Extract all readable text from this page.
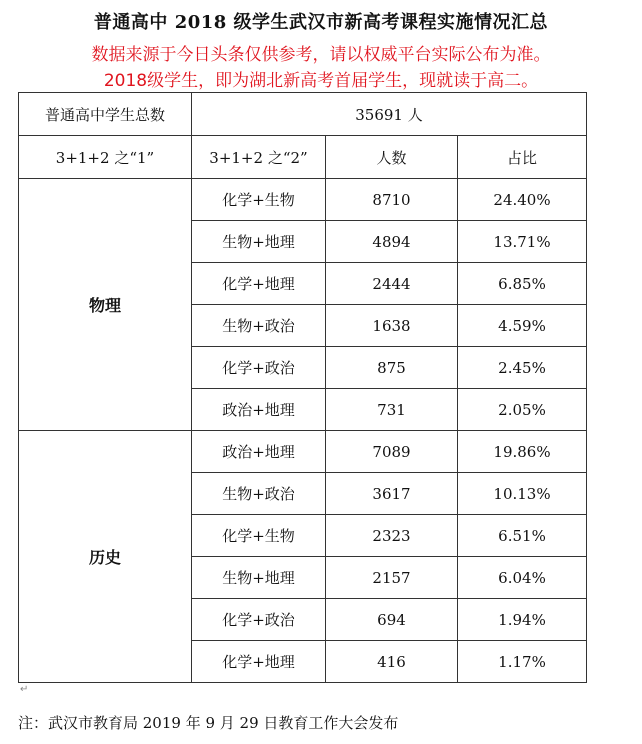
普通高中 2018 级学生武汉市新高考课程实施情况汇总
数据来源于今日头条仅供参考，请以权威平台实际公布为准。
2018级学生，即为湖北新高考首届学生，现就读于高二。
普通高中学生总数	35691 人		
3+1+2 之“1”	3+1+2 之“2”	人数	占比
物理	化学+生物	8710	24.40%
	生物+地理	4894	13.71%
	化学+地理	2444	6.85%
	生物+政治	1638	4.59%
	化学+政治	875	2.45%
	政治+地理	731	2.05%
历史	政治+地理	7089	19.86%
	生物+政治	3617	10.13%
	化学+生物	2323	6.51%
	生物+地理	2157	6.04%
	化学+政治	694	1.94%
	化学+地理	416	1.17%
↵
注：武汉市教育局 2019 年 9 月 29 日教育工作大会发布
